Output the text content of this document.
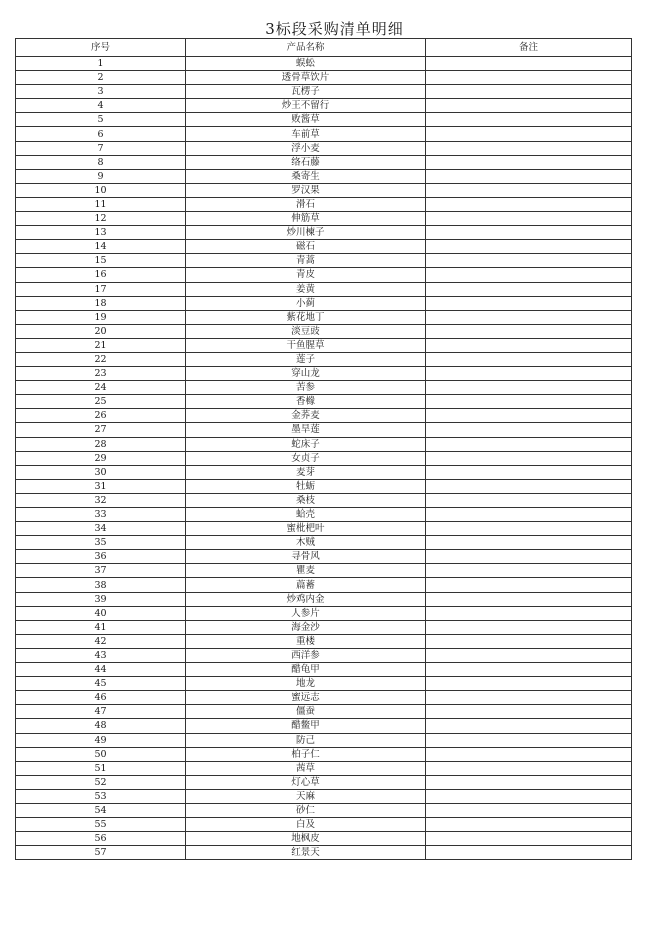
3标段采购清单明细
序号	产品名称	备注
1	蜈蚣	
2	透骨草饮片	
3	瓦楞子	
4	炒王不留行	
5	败酱草	
6	车前草	
7	浮小麦	
8	络石藤	
9	桑寄生	
10	罗汉果	
11	滑石	
12	伸筋草	
13	炒川楝子	
14	磁石	
15	青蒿	
16	青皮	
17	姜黄	
18	小蓟	
19	紫花地丁	
20	淡豆豉	
21	干鱼腥草	
22	莲子	
23	穿山龙	
24	苦参	
25	香橼	
26	金荞麦	
27	墨旱莲	
28	蛇床子	
29	女贞子	
30	麦芽	
31	牡蛎	
32	桑枝	
33	蛤壳	
34	蜜枇杷叶	
35	木贼	
36	寻骨风	
37	瞿麦	
38	萹蓄	
39	炒鸡内金	
40	人参片	
41	海金沙	
42	重楼	
43	西洋参	
44	醋龟甲	
45	地龙	
46	蜜远志	
47	僵蚕	
48	醋鳖甲	
49	防己	
50	柏子仁	
51	茜草	
52	灯心草	
53	天麻	
54	砂仁	
55	白及	
56	地枫皮	
57	红景天	
